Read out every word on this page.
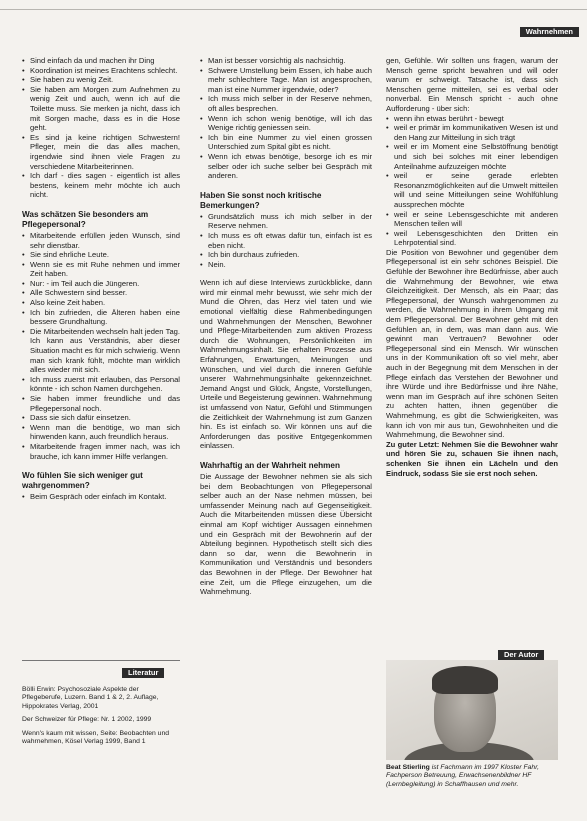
Wahrnehmen
• Sind einfach da und machen ihr Ding
• Koordination ist meines Erachtens schlecht.
• Sie haben zu wenig Zeit.
• Sie haben am Morgen zum Aufnehmen zu wenig Zeit und auch, wenn ich auf die Toilette muss. Sie merken ja nicht, dass ich mit Sorgen mache, dass es in die Hose geht.
• Es sind ja keine richtigen Schwestern! Pfleger, mein die das alles machen, irgendwie sind ihnen viele Fragen zu verschiedene Mitarbeiterinnen.
• Ich darf - dies sagen - eigentlich ist alles bestens, keinem mehr möchte ich auch nicht.
Was schätzen Sie besonders am Pflegepersonal?
• Mitarbeitende erfüllen jeden Wunsch, sind sehr dienstbar.
• Sie sind ehrliche Leute.
• Wenn sie es mit Ruhe nehmen und immer Zeit haben.
• Nur: - im Teil auch die Jüngeren.
• Alle Schwestern sind besser.
• Also keine Zeit haben.
• Ich bin zufrieden, die Älteren haben eine bessere Grundhaltung.
• Die Mitarbeitenden wechseln halt jeden Tag. Ich kann aus Verständnis, aber dieser Situation macht es für mich schwierig. Wenn man sich krank fühlt, möchte man wirklich alles wieder mit sich.
• Ich muss zuerst mit erlauben, das Personal könnte - ich schon Namen durchgehen.
• Sie haben immer freundliche und das Pflegepersonal noch.
• Dass sie sich dafür einsetzen.
• Wenn man die benötige, wo man sich hinwenden kann, auch freundlich heraus.
• Mitarbeitende fragen immer nach, was ich brauche, ich kann immer Hilfe verlangen.
Wo fühlen Sie sich weniger gut wahrgenommen?
• Beim Gespräch oder einfach im Kontakt.
• Man ist besser vorsichtig als nachsichtig.
• Schwere Umstellung beim Essen, ich habe auch mehr schlechtere Tage. Man ist angesprochen, man ist eine Nummer irgendwie, oder?
• Ich muss mich selber in der Reserve nehmen, oft alles besprechen.
• Wenn ich schon wenig benötige, will ich das Wenige richtig geniessen sein.
• Ich bin eine Nummer zu viel einen grossen Unterschied zum Spital gibt es nicht.
• Wenn ich etwas benötige, besorge ich es mir selber oder ich suche selber bei Gespräch mit anderen.
Haben Sie sonst noch kritische Bemerkungen?
• Grundsätzlich muss ich mich selber in der Reserve nehmen.
• Ich muss es oft etwas dafür tun, einfach ist es eben nicht.
• Ich bin durchaus zufrieden.
• Nein.

Wenn ich auf diese Interviews zurückblicke, dann wird mir einmal mehr bewusst, wie sehr mich der Mund die Ohren, das Herz viel taten und wie emotional vielfältig diese Rahmenbedingungen und Wahrnehmungen der Menschen, Bewohner und Pflege-Mitarbeitenden zum aktiven Prozess durch die Wohnungen, Persönlichkeiten im Wahrnehmungsinhalt. Sie erhalten Prozesse aus Erfahrungen, Erwartungen, Meinungen und Wünschen, und viel durch die inneren Gefühle unserer Wahrnehmungsinhalte gekennzeichnet. Jemand Angst und Glück, Ängste, Vorstellungen, Urteile und Begeisterung gewinnen. Wahrnehmung ist umfassend von Natur, Gefühl und Stimmungen die Zeitlichkeit der Wahrnehmung ist zum Ganzen hin. Es ist einfach so. Wir können uns auf die Anforderungen das positive Entgegenkommen einlassen.

Wahrhaftig an der Wahrheit nehmen

Die Aussage der Bewohner nehmen sie als sich bei dem Beobachtungen von Pflegepersonal selber auch an der Nase nehmen müssen, bei umfassender Meinung nach auf Gegenseitigkeit. Auch die Mitarbeitenden müssen diese Übersicht einmal am Kopf wichtiger Aussagen einnehmen und ein Gespräch mit der Bewohnerin auf der Abteilung beginnen. Hypothetisch stellt sich dies dann so dar, wenn die Bewohnerin in Kommunikation und Verständnis und besonders das Bewohnen in der Pflege. Der Bewohner hat eine Zeit, um die Pflege einzugehen, um die Wahrnehmung.

gen, Gefühle. Wir sollten uns fragen, warum der Mensch gerne spricht bewahren und will oder warum er schweigt. Tatsache ist, dass sich Menschen gerne mitteilen, sei es verbal oder nonverbal. Ein Mensch spricht - auch ohne Aufforderung - über sich:

• wenn ihn etwas berührt - bewegt
• weil er primär im kommunikativen Wesen ist und den Hang zur Mitteilung in sich trägt
• weil er im Moment eine Selbstöffnung benötigt und sich bei solches mit einer lebendigen Anteilnahme aufzuzeigen möchte
• weil er seine gerade erlebten Resonanzmöglichkeiten auf die Umwelt mitteilen will und seine Mitteilungen seine Wohlfühlung aussprechen möchte
• weil er seine Lebensgeschichte mit anderen Menschen teilen will
• weil Lebensgeschichten den Dritten ein Lehrpotential sind.

Die Position von Bewohner und gegenüber dem Pflegepersonal ist ein sehr schönes Beispiel. Die Gefühle der Bewohner ihre Bedürfnisse, aber auch die Wahrnehmung der Bewohner, wie etwa Gleichzeitigkeit. Der Mensch, als ein Paar; das Pflegepersonal, der Wunsch wahrgenommen zu werden, die Wahrnehmung in ihrem Umgang mit dem Pflegepersonal. Der Bewohner geht mit den Gefühlen an, in dem, was man dann aus. Wie gewinnt man Vertrauen? Bewohner oder Pflegepersonal sind ein Mensch. Wir wünschen uns in der Kommunikation oft so viel mehr, aber auch in der Begegnung mit dem Menschen in der Pflege einfach das Verstehen der Bewohner und ihre Würde und ihre Bedürfnisse und ihre Nähe, wenn man im Gespräch auf ihre schönen Seiten zu achten hatten, ihnen gegenüber die Wahrnehmung, es gibt die Schwierigkeiten, was kann ich von mir aus tun, Gewohnheiten und die Wahrnehmung, die Bewohner sind.

Zu guter Letzt: Nehmen Sie die Bewohner wahr und hören Sie zu, schauen Sie ihnen nach, schenken Sie ihnen ein Lächeln und den Eindruck, sodass Sie sie erst noch sehen.

Literatur

Bölli Erwin: Psychosoziale Aspekte der Pflegeberufe, Luzern. Band 1 & 2, 2. Auflage, Hippokrates Verlag, 2001

Der Schweizer für Pflege: Nr. 1 2002, 1999

Wenn's kaum mit wissen, Seite: Beobachten und wahrnehmen, Kösel Verlag 1999, Band 1

Der Autor
Beat Stierling ist Fachmann im 1997 Kloster Fahr, Fachperson Betreuung, Erwachsenenbildner HF (Lernbegleitung) in Schaffhausen und mehr.
